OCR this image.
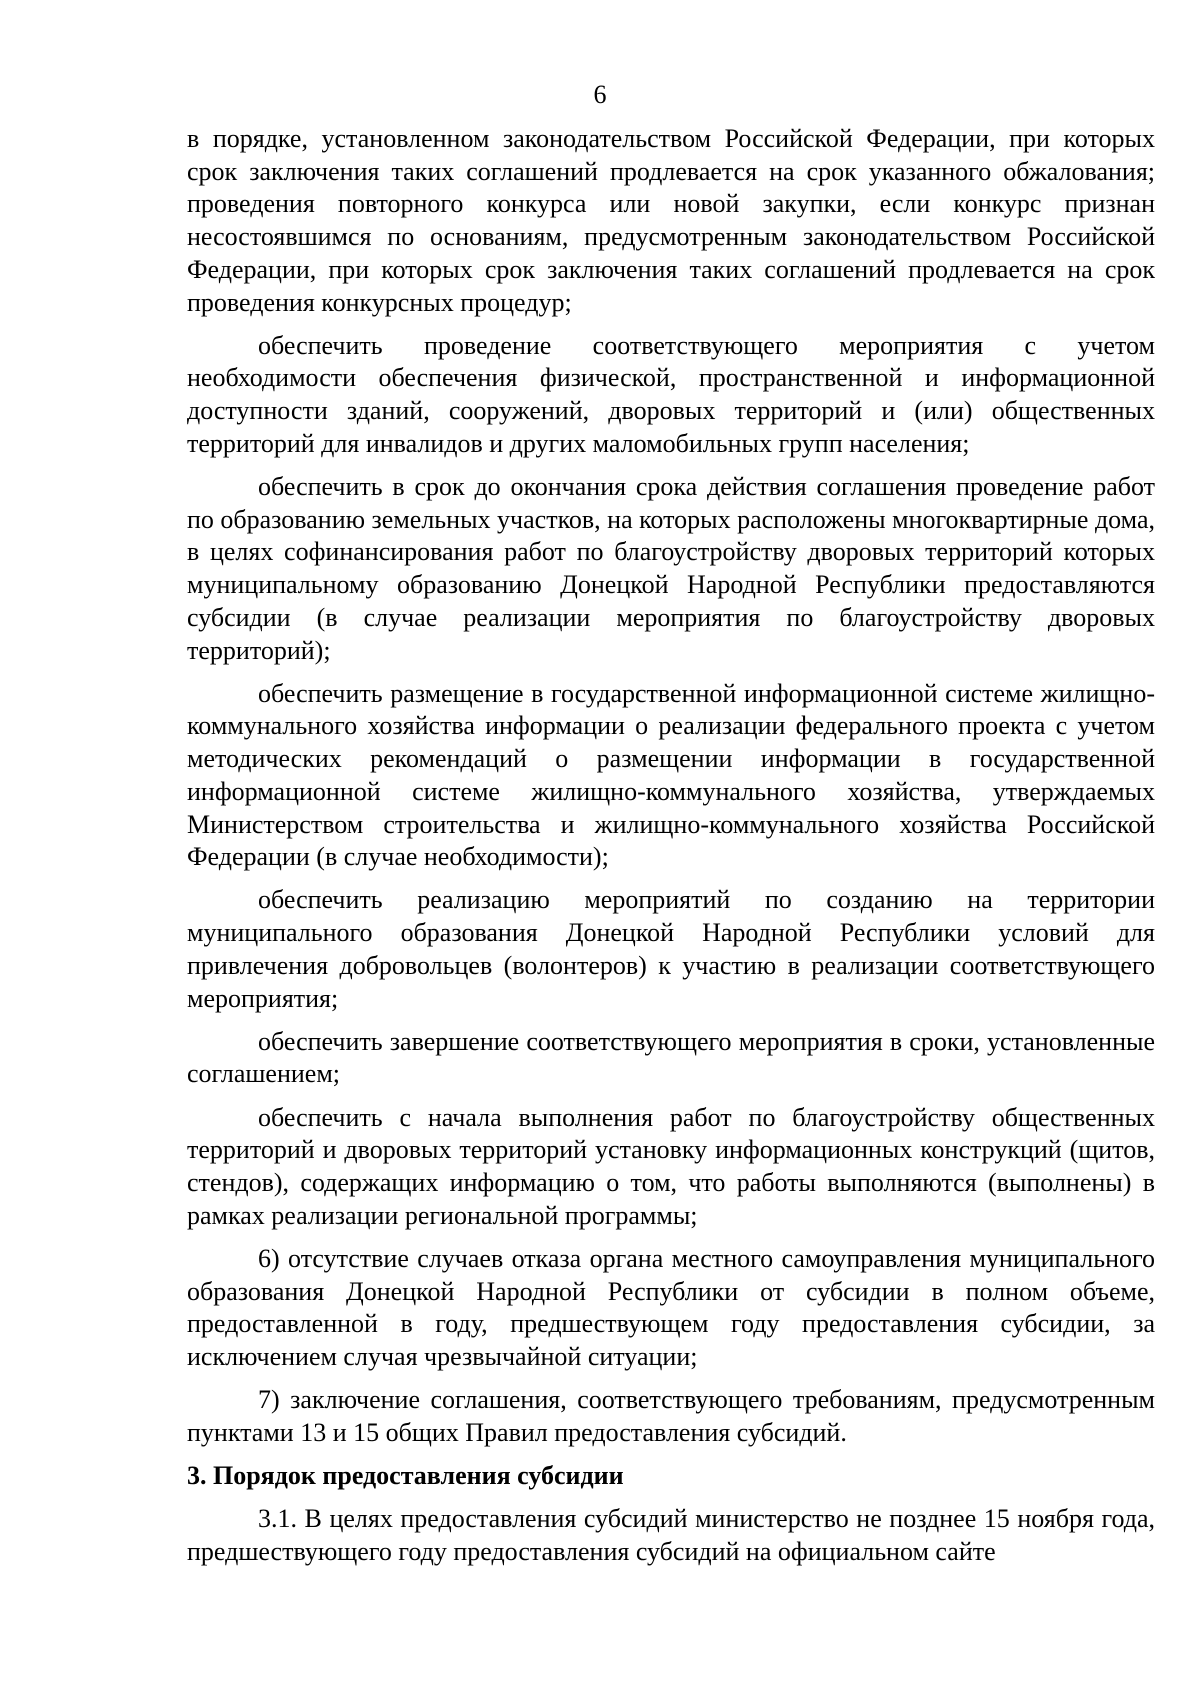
6

в порядке, установленном законодательством Российской Федерации, при которых срок заключения таких соглашений продлевается на срок указанного обжалования; проведения повторного конкурса или новой закупки, если конкурс признан несостоявшимся по основаниям, предусмотренным законодательством Российской Федерации, при которых срок заключения таких соглашений продлевается на срок проведения конкурсных процедур;

обеспечить проведение соответствующего мероприятия с учетом необходимости обеспечения физической, пространственной и информационной доступности зданий, сооружений, дворовых территорий и (или) общественных территорий для инвалидов и других маломобильных групп населения;

обеспечить в срок до окончания срока действия соглашения проведение работ по образованию земельных участков, на которых расположены многоквартирные дома, в целях софинансирования работ по благоустройству дворовых территорий которых муниципальному образованию Донецкой Народной Республики предоставляются субсидии (в случае реализации мероприятия по благоустройству дворовых территорий);

обеспечить размещение в государственной информационной системе жилищно-коммунального хозяйства информации о реализации федерального проекта с учетом методических рекомендаций о размещении информации в государственной информационной системе жилищно-коммунального хозяйства, утверждаемых Министерством строительства и жилищно-коммунального хозяйства Российской Федерации (в случае необходимости);

обеспечить реализацию мероприятий по созданию на территории муниципального образования Донецкой Народной Республики условий для привлечения добровольцев (волонтеров) к участию в реализации соответствующего мероприятия;

обеспечить завершение соответствующего мероприятия в сроки, установленные соглашением;

обеспечить с начала выполнения работ по благоустройству общественных территорий и дворовых территорий установку информационных конструкций (щитов, стендов), содержащих информацию о том, что работы выполняются (выполнены) в рамках реализации региональной программы;

6) отсутствие случаев отказа органа местного самоуправления муниципального образования Донецкой Народной Республики от субсидии в полном объеме, предоставленной в году, предшествующем году предоставления субсидии, за исключением случая чрезвычайной ситуации;

7) заключение соглашения, соответствующего требованиям, предусмотренным пунктами 13 и 15 общих Правил предоставления субсидий.

3. Порядок предоставления субсидии

3.1. В целях предоставления субсидий министерство не позднее 15 ноября года, предшествующего году предоставления субсидий на официальном сайте
